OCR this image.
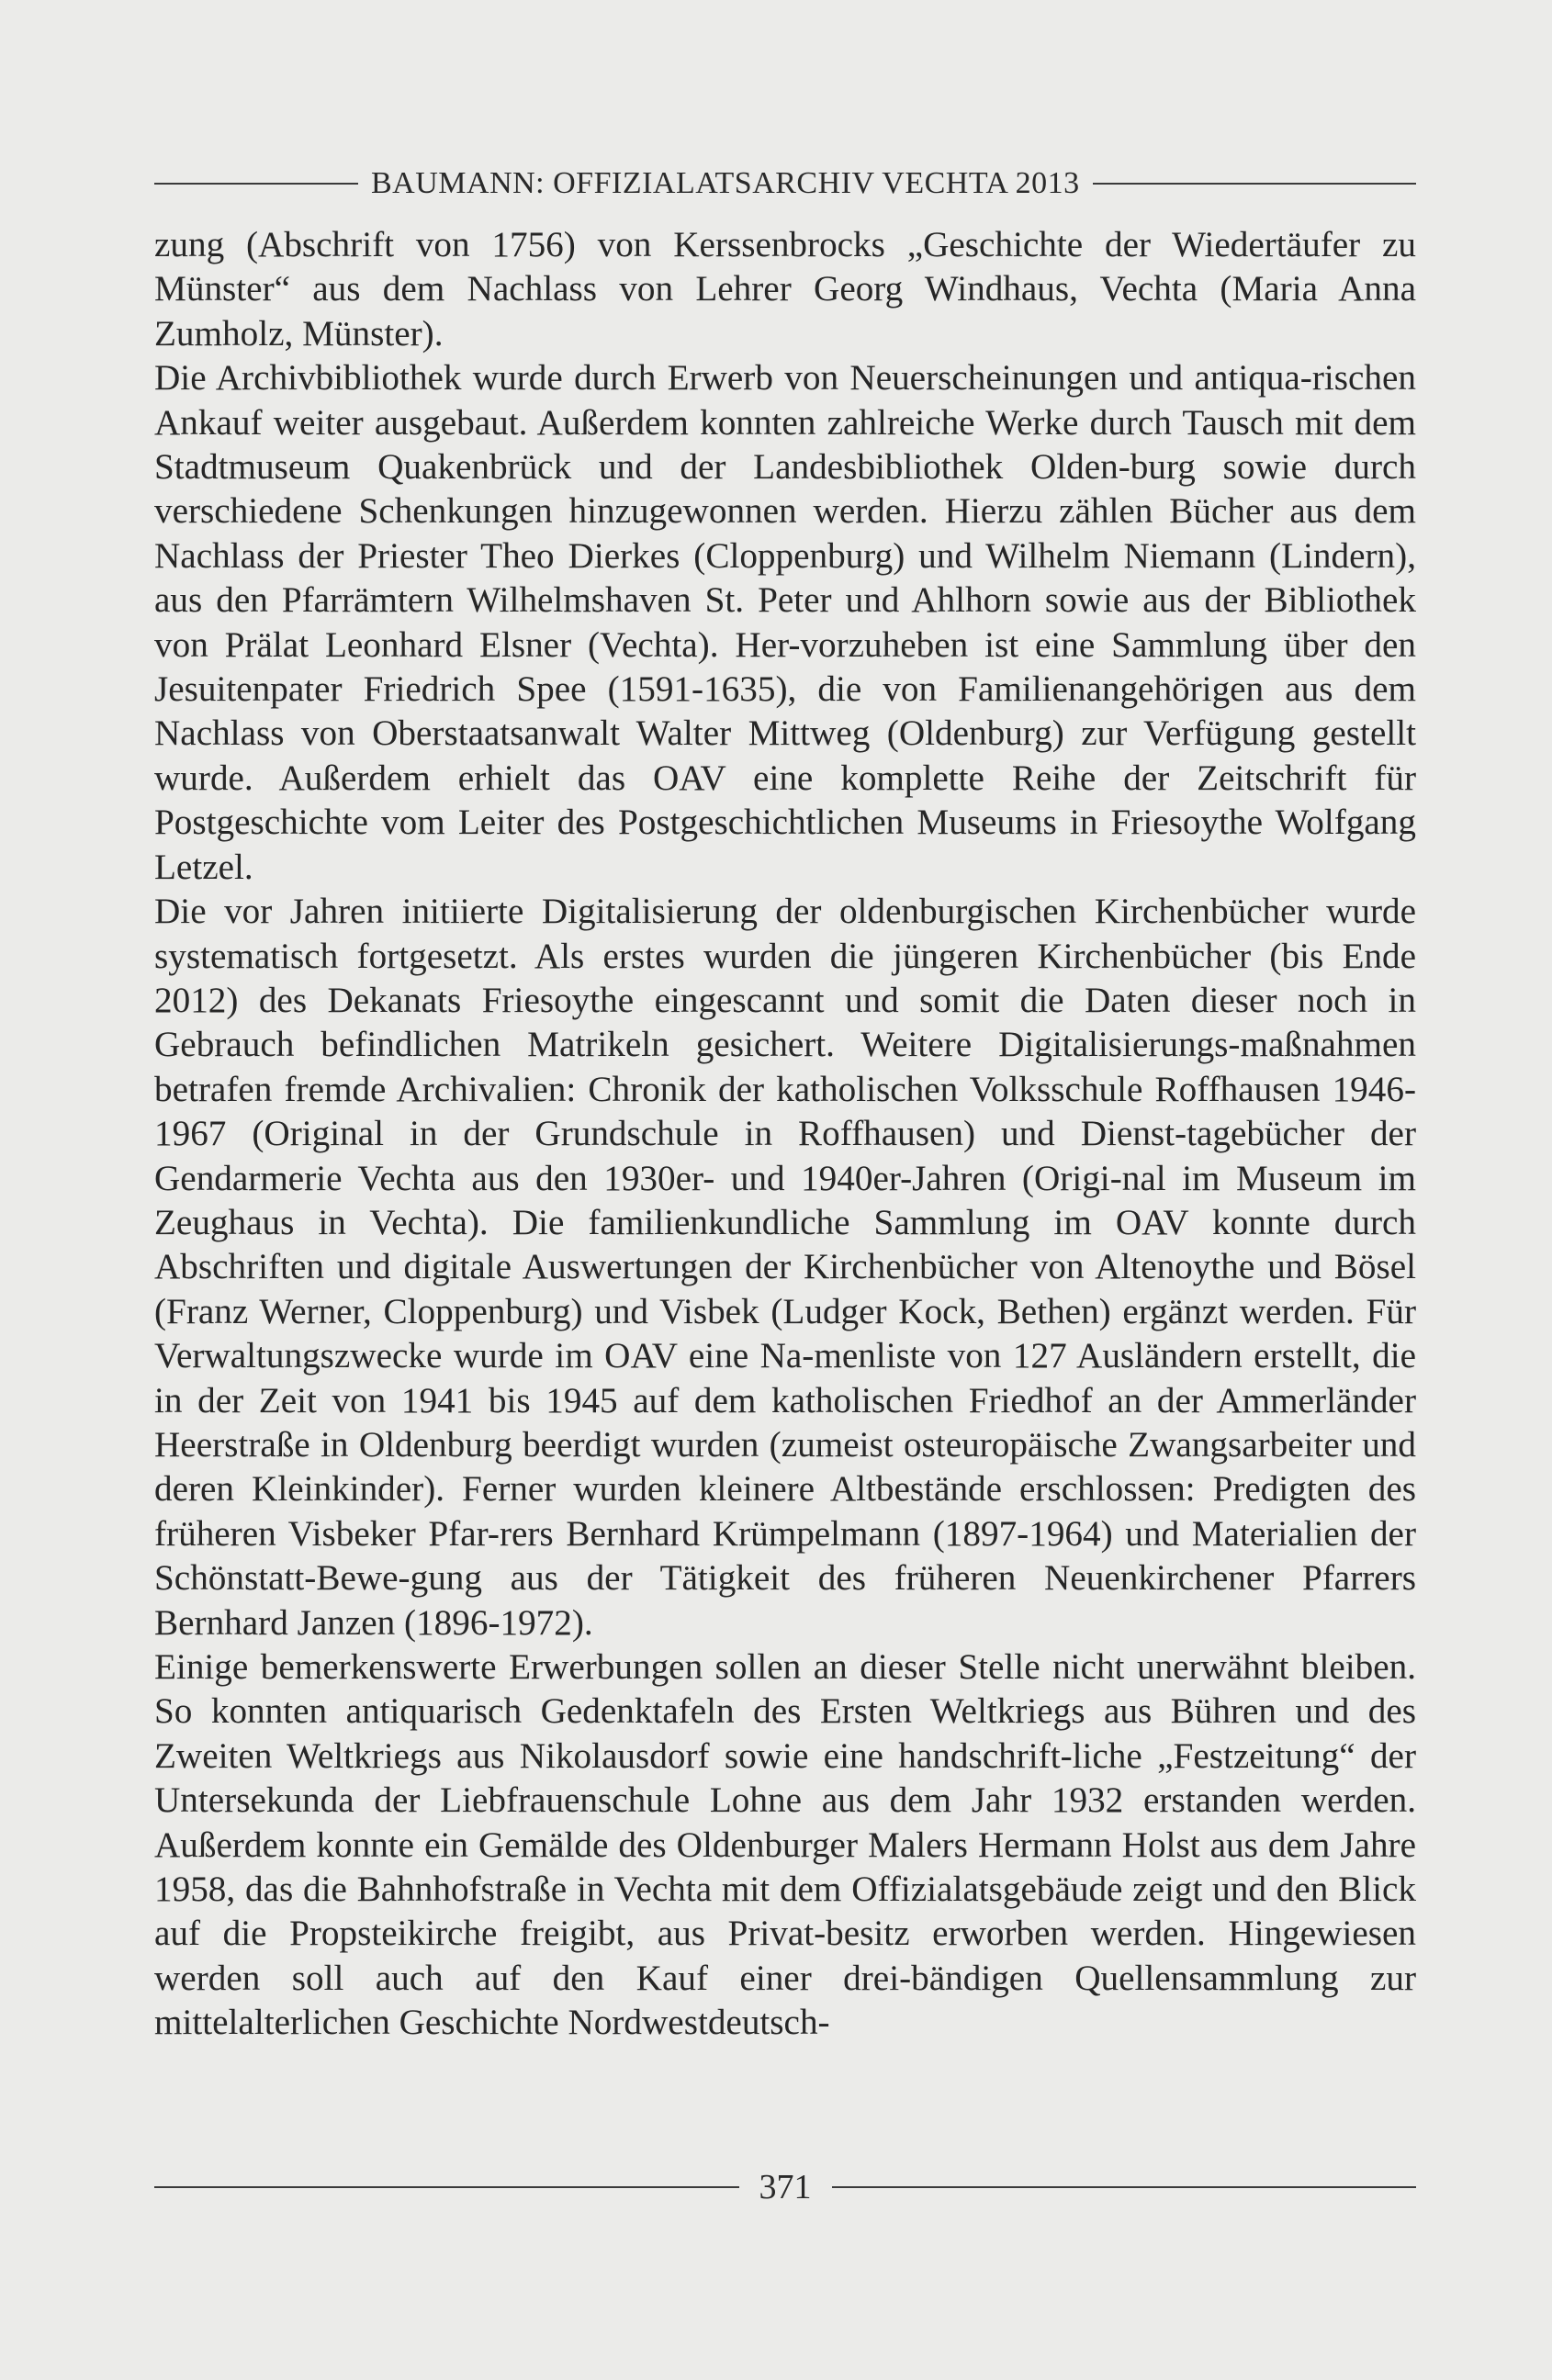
BAUMANN: OFFIZIALATSARCHIV VECHTA 2013

zung (Abschrift von 1756) von Kerssenbrocks „Geschichte der Wiedertäufer zu Münster“ aus dem Nachlass von Lehrer Georg Windhaus, Vechta (Maria Anna Zumholz, Münster).

Die Archivbibliothek wurde durch Erwerb von Neuerscheinungen und antiqua-rischen Ankauf weiter ausgebaut. Außerdem konnten zahlreiche Werke durch Tausch mit dem Stadtmuseum Quakenbrück und der Landesbibliothek Olden-burg sowie durch verschiedene Schenkungen hinzugewonnen werden. Hierzu zählen Bücher aus dem Nachlass der Priester Theo Dierkes (Cloppenburg) und Wilhelm Niemann (Lindern), aus den Pfarrämtern Wilhelmshaven St. Peter und Ahlhorn sowie aus der Bibliothek von Prälat Leonhard Elsner (Vechta). Her-vorzuheben ist eine Sammlung über den Jesuitenpater Friedrich Spee (1591-1635), die von Familienangehörigen aus dem Nachlass von Oberstaatsanwalt Walter Mittweg (Oldenburg) zur Verfügung gestellt wurde. Außerdem erhielt das OAV eine komplette Reihe der Zeitschrift für Postgeschichte vom Leiter des Postgeschichtlichen Museums in Friesoythe Wolfgang Letzel.

Die vor Jahren initiierte Digitalisierung der oldenburgischen Kirchenbücher wurde systematisch fortgesetzt. Als erstes wurden die jüngeren Kirchenbücher (bis Ende 2012) des Dekanats Friesoythe eingescannt und somit die Daten dieser noch in Gebrauch befindlichen Matrikeln gesichert. Weitere Digitalisierungs-maßnahmen betrafen fremde Archivalien: Chronik der katholischen Volksschule Roffhausen 1946-1967 (Original in der Grundschule in Roffhausen) und Dienst-tagebücher der Gendarmerie Vechta aus den 1930er- und 1940er-Jahren (Origi-nal im Museum im Zeughaus in Vechta). Die familienkundliche Sammlung im OAV konnte durch Abschriften und digitale Auswertungen der Kirchenbücher von Altenoythe und Bösel (Franz Werner, Cloppenburg) und Visbek (Ludger Kock, Bethen) ergänzt werden. Für Verwaltungszwecke wurde im OAV eine Na-menliste von 127 Ausländern erstellt, die in der Zeit von 1941 bis 1945 auf dem katholischen Friedhof an der Ammerländer Heerstraße in Oldenburg beerdigt wurden (zumeist osteuropäische Zwangsarbeiter und deren Kleinkinder). Ferner wurden kleinere Altbestände erschlossen: Predigten des früheren Visbeker Pfar-rers Bernhard Krümpelmann (1897-1964) und Materialien der Schönstatt-Bewe-gung aus der Tätigkeit des früheren Neuenkirchener Pfarrers Bernhard Janzen (1896-1972).

Einige bemerkenswerte Erwerbungen sollen an dieser Stelle nicht unerwähnt bleiben. So konnten antiquarisch Gedenktafeln des Ersten Weltkriegs aus Bühren und des Zweiten Weltkriegs aus Nikolausdorf sowie eine handschrift-liche „Festzeitung“ der Untersekunda der Liebfrauenschule Lohne aus dem Jahr 1932 erstanden werden. Außerdem konnte ein Gemälde des Oldenburger Malers Hermann Holst aus dem Jahre 1958, das die Bahnhofstraße in Vechta mit dem Offizialatsgebäude zeigt und den Blick auf die Propsteikirche freigibt, aus Privat-besitz erworben werden. Hingewiesen werden soll auch auf den Kauf einer drei-bändigen Quellensammlung zur mittelalterlichen Geschichte Nordwestdeutsch-

371
